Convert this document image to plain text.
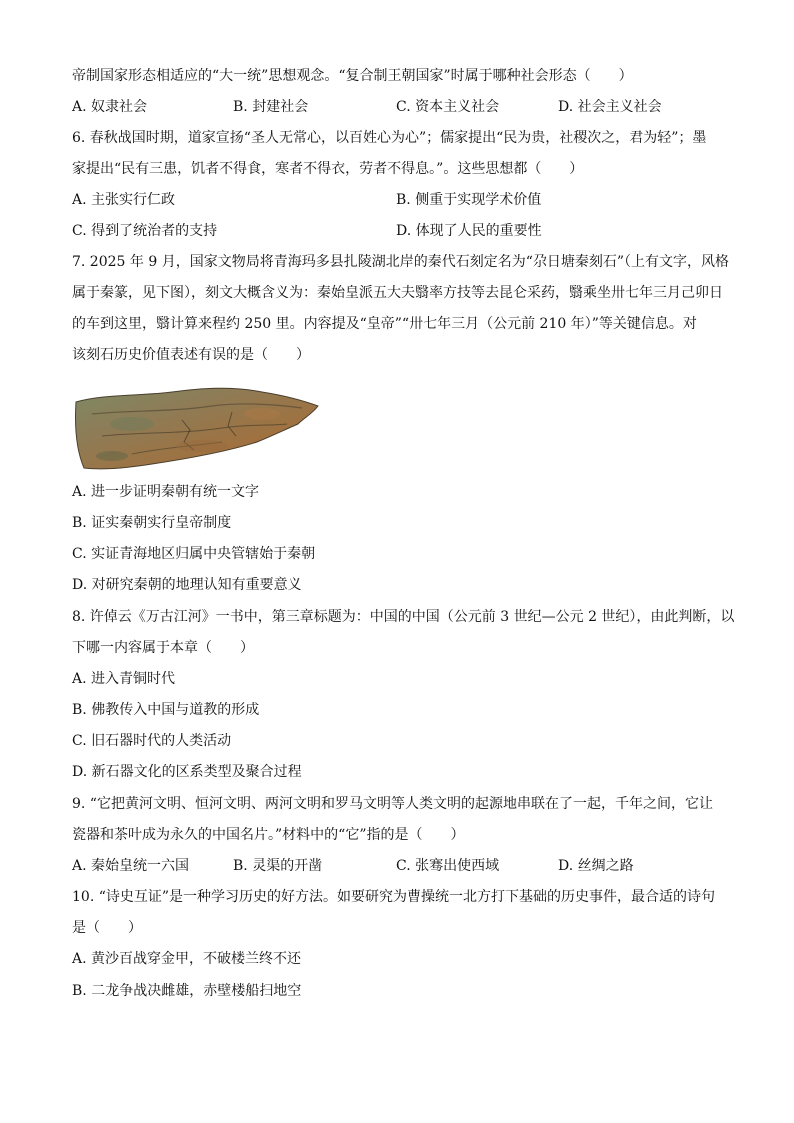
帝制国家形态相适应的“大一统”思想观念。“复合制王朝国家”时属于哪种社会形态（　　）
A. 奴隶社会	B. 封建社会	C. 资本主义社会	D. 社会主义社会
6. 春秋战国时期，道家宣扬“圣人无常心，以百姓心为心”；儒家提出“民为贵，社稷次之，君为轻”；墨
家提出“民有三患，饥者不得食，寒者不得衣，劳者不得息。”。这些思想都（　　）
A. 主张实行仁政	B. 侧重于实现学术价值
C. 得到了统治者的支持	D. 体现了人民的重要性
7. 2025 年 9 月，国家文物局将青海玛多县扎陵湖北岸的秦代石刻定名为“尕日塘秦刻石”（上有文字，风格
属于秦篆，见下图），刻文大概含义为：秦始皇派五大夫翳率方技等去昆仑采药，翳乘坐卅七年三月己卯日
的车到这里，翳计算来程约 250 里。内容提及“皇帝”“卅七年三月（公元前 210 年）”等关键信息。对
该刻石历史价值表述有误的是（　　）
A. 进一步证明秦朝有统一文字
B. 证实秦朝实行皇帝制度
C. 实证青海地区归属中央管辖始于秦朝
D. 对研究秦朝的地理认知有重要意义
8. 许倬云《万古江河》一书中，第三章标题为：中国的中国（公元前 3 世纪—公元 2 世纪），由此判断，以
下哪一内容属于本章（　　）
A. 进入青铜时代
B. 佛教传入中国与道教的形成
C. 旧石器时代的人类活动
D. 新石器文化的区系类型及聚合过程
9. “它把黄河文明、恒河文明、两河文明和罗马文明等人类文明的起源地串联在了一起，千年之间，它让
瓷器和茶叶成为永久的中国名片。”材料中的“它”指的是（　　）
A. 秦始皇统一六国	B. 灵渠的开凿	C. 张骞出使西域	D. 丝绸之路
10. “诗史互证”是一种学习历史的好方法。如要研究为曹操统一北方打下基础的历史事件，最合适的诗句
是（　　）
A. 黄沙百战穿金甲，不破楼兰终不还
B. 二龙争战决雌雄，赤壁楼船扫地空
